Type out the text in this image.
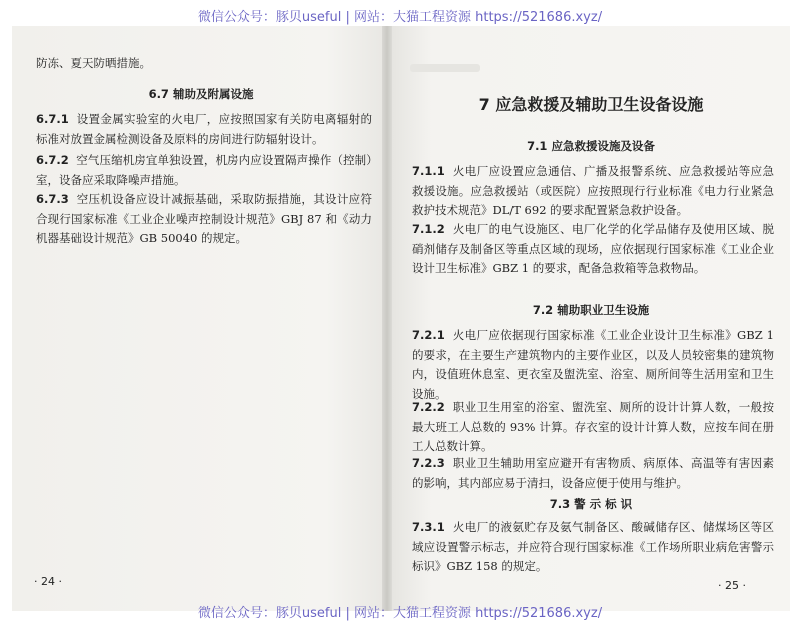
微信公众号：豚贝useful | 网站：大猫工程资源 https://521686.xyz/

防冻、夏天防晒措施。

6.7 辅助及附属设施

6.7.1 设置金属实验室的火电厂，应按照国家有关防电离辐射的标准对放置金属检测设备及原料的房间进行防辐射设计。

6.7.2 空气压缩机房宜单独设置，机房内应设置隔声操作（控制）室，设备应采取降噪声措施。

6.7.3 空压机设备应设计减振基础，采取防振措施，其设计应符合现行国家标准《工业企业噪声控制设计规范》GBJ 87 和《动力机器基础设计规范》GB 50040 的规定。

· 24 ·

7 应急救援及辅助卫生设备设施

7.1 应急救援设施及设备

7.1.1 火电厂应设置应急通信、广播及报警系统、应急救援站等应急救援设施。应急救援站（或医院）应按照现行行业标准《电力行业紧急救护技术规范》DL/T 692 的要求配置紧急救护设备。

7.1.2 火电厂的电气设施区、电厂化学的化学品储存及使用区域、脱硝剂储存及制备区等重点区域的现场，应依据现行国家标准《工业企业设计卫生标准》GBZ 1 的要求，配备急救箱等急救物品。

7.2 辅助职业卫生设施

7.2.1 火电厂应依据现行国家标准《工业企业设计卫生标准》GBZ 1 的要求，在主要生产建筑物内的主要作业区，以及人员较密集的建筑物内，设值班休息室、更衣室及盥洗室、浴室、厕所间等生活用室和卫生设施。

7.2.2 职业卫生用室的浴室、盥洗室、厕所的设计计算人数，一般按最大班工人总数的 93% 计算。存衣室的设计计算人数，应按车间在册工人总数计算。

7.2.3 职业卫生辅助用室应避开有害物质、病原体、高温等有害因素的影响，其内部应易于清扫，设备应便于使用与维护。

7.3 警 示 标 识

7.3.1 火电厂的液氨贮存及氨气制备区、酸碱储存区、储煤场区等区域应设置警示标志，并应符合现行国家标准《工作场所职业病危害警示标识》GBZ 158 的规定。

· 25 ·
微信公众号：豚贝useful | 网站：大猫工程资源 https://521686.xyz/
